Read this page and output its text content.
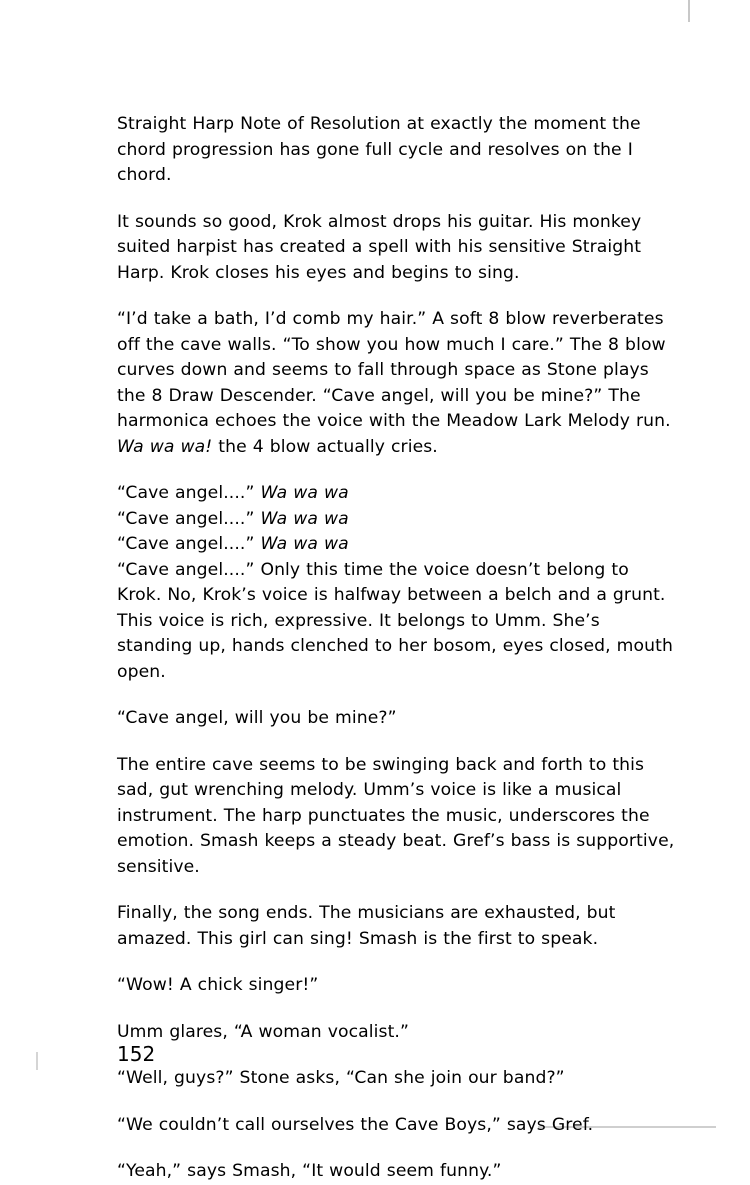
Straight Harp Note of Resolution at exactly the moment the chord progression has gone full cycle and resolves on the I chord.

It sounds so good, Krok almost drops his guitar. His monkey suited harpist has created a spell with his sensitive Straight Harp. Krok closes his eyes and begins to sing.

“I’d take a bath, I’d comb my hair.” A soft 8 blow reverberates off the cave walls. “To show you how much I care.” The 8 blow curves down and seems to fall through space as Stone plays the 8 Draw Descender. “Cave angel, will you be mine?” The harmonica echoes the voice with the Meadow Lark Melody run. Wa wa wa! the 4 blow actually cries.

“Cave angel....” Wa wa wa

“Cave angel....” Wa wa wa

“Cave angel....” Wa wa wa

“Cave angel....” Only this time the voice doesn’t belong to Krok. No, Krok’s voice is halfway between a belch and a grunt. This voice is rich, expressive. It belongs to Umm. She’s standing up, hands clenched to her bosom, eyes closed, mouth open.

“Cave angel, will you be mine?”

The entire cave seems to be swinging back and forth to this sad, gut wrenching melody. Umm’s voice is like a musical instrument. The harp punctuates the music, underscores the emotion. Smash keeps a steady beat. Gref’s bass is supportive, sensitive.

Finally, the song ends. The musicians are exhausted, but amazed. This girl can sing! Smash is the first to speak.

“Wow! A chick singer!”

Umm glares, “A woman vocalist.”

“Well, guys?” Stone asks, “Can she join our band?”

“We couldn’t call ourselves the Cave Boys,” says Gref.

“Yeah,” says Smash, “It would seem funny.”

152
